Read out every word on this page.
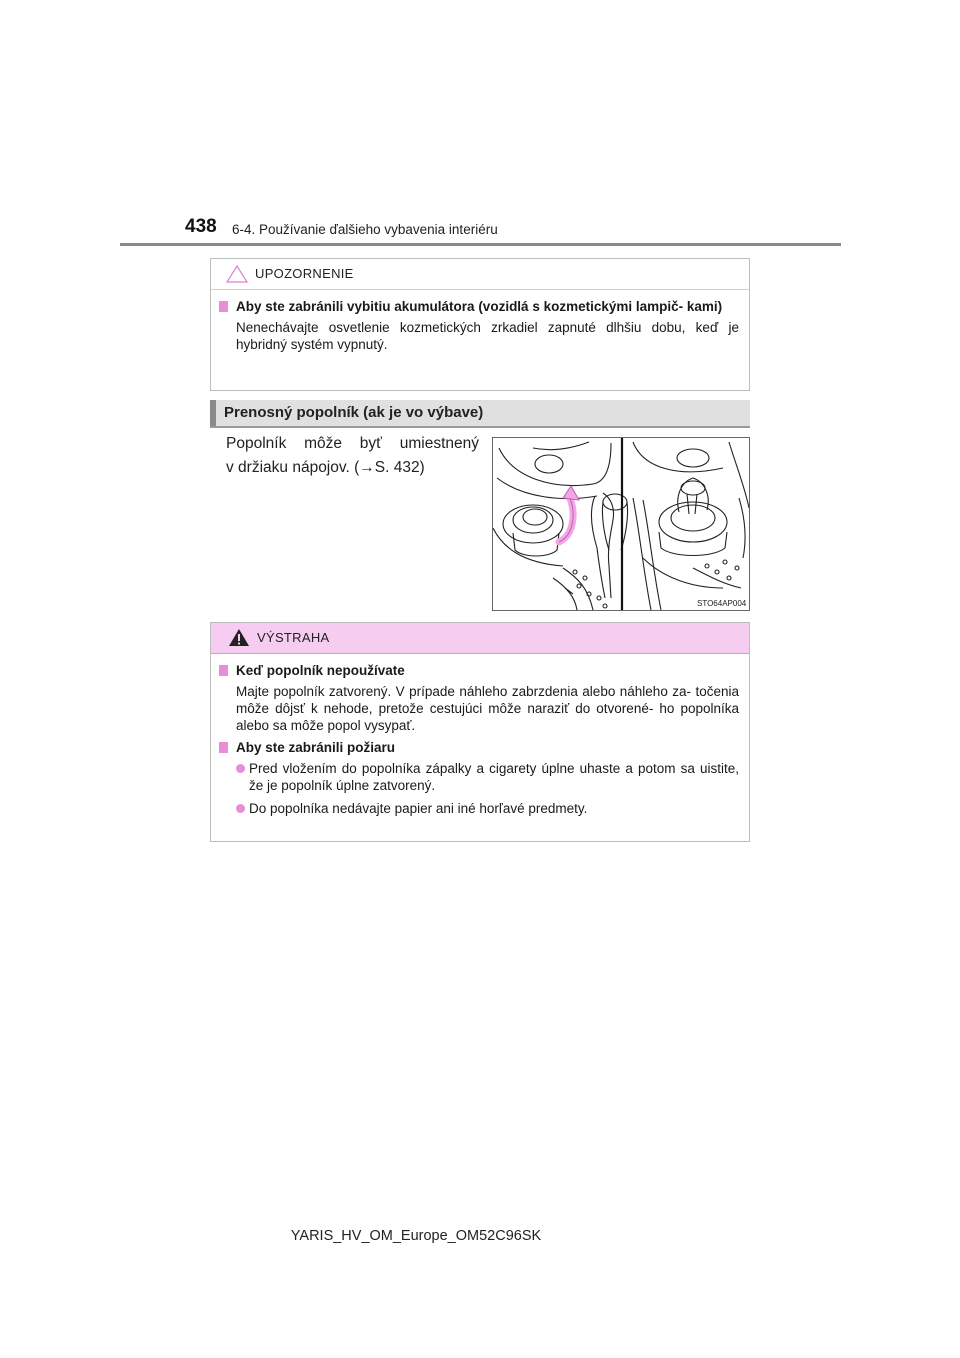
438 6-4. Používanie ďalšieho vybavenia interiéru
UPOZORNENIE
Aby ste zabránili vybitiu akumulátora (vozidlá s kozmetickými lampič- kami)
Nenechávajte osvetlenie kozmetických zrkadiel zapnuté dlhšiu dobu, keď je hybridný systém vypnutý.
Prenosný popolník (ak je vo výbave)
Popolník môže byť umiestnený
v držiaku nápojov. (→S. 432)
STO64AP004
VÝSTRAHA
Keď popolník nepoužívate
Majte popolník zatvorený. V prípade náhleho zabrzdenia alebo náhleho za- točenia môže dôjsť k nehode, pretože cestujúci môže naraziť do otvorené- ho popolníka alebo sa môže popol vysypať.
Aby ste zabránili požiaru
Pred vložením do popolníka zápalky a cigarety úplne uhaste a potom sa uistite, že je popolník úplne zatvorený.
Do popolníka nedávajte papier ani iné horľavé predmety.
YARIS_HV_OM_Europe_OM52C96SK
